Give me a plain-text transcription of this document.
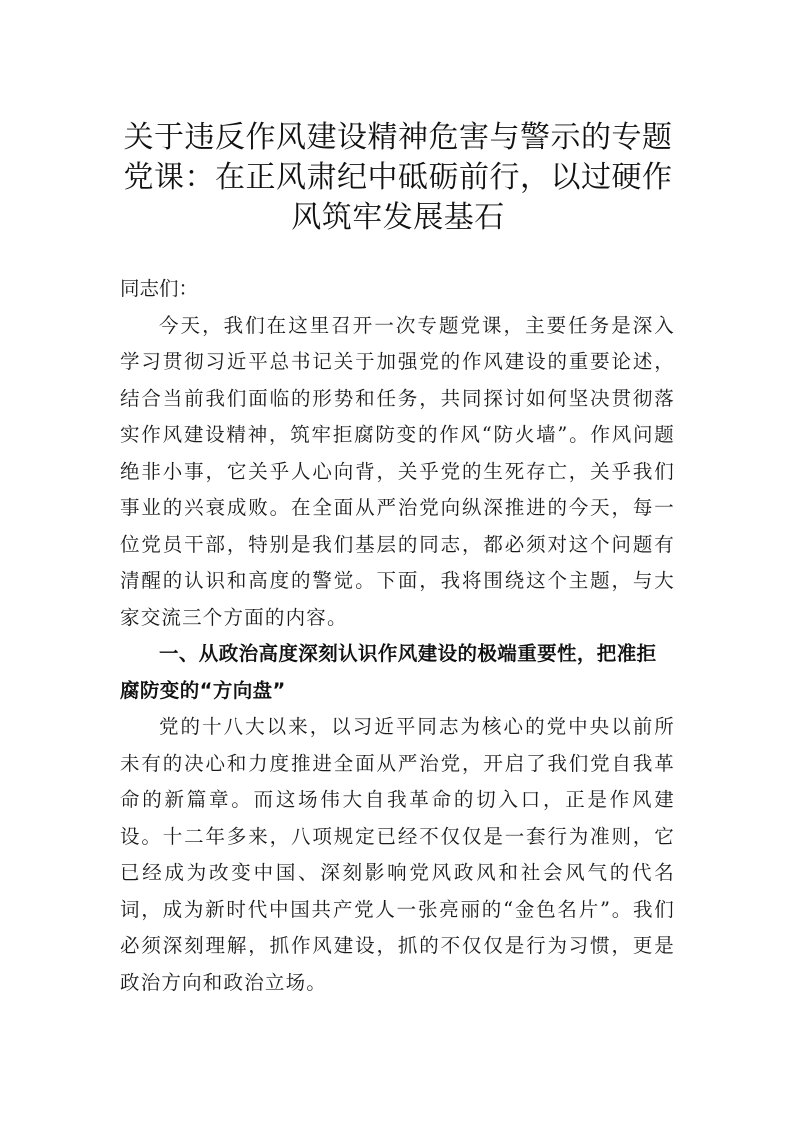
关于违反作风建设精神危害与警示的专题党课：在正风肃纪中砥砺前行，以过硬作风筑牢发展基石

同志们：

今天，我们在这里召开一次专题党课，主要任务是深入学习贯彻习近平总书记关于加强党的作风建设的重要论述，结合当前我们面临的形势和任务，共同探讨如何坚决贯彻落实作风建设精神，筑牢拒腐防变的作风“防火墙”。作风问题绝非小事，它关乎人心向背，关乎党的生死存亡，关乎我们事业的兴衰成败。在全面从严治党向纵深推进的今天，每一位党员干部，特别是我们基层的同志，都必须对这个问题有清醒的认识和高度的警觉。下面，我将围绕这个主题，与大家交流三个方面的内容。

一、从政治高度深刻认识作风建设的极端重要性，把准拒腐防变的“方向盘”

党的十八大以来，以习近平同志为核心的党中央以前所未有的决心和力度推进全面从严治党，开启了我们党自我革命的新篇章。而这场伟大自我革命的切入口，正是作风建设。十二年多来，八项规定已经不仅仅是一套行为准则，它已经成为改变中国、深刻影响党风政风和社会风气的代名词，成为新时代中国共产党人一张亮丽的“金色名片”。我们必须深刻理解，抓作风建设，抓的不仅仅是行为习惯，更是政治方向和政治立场。
